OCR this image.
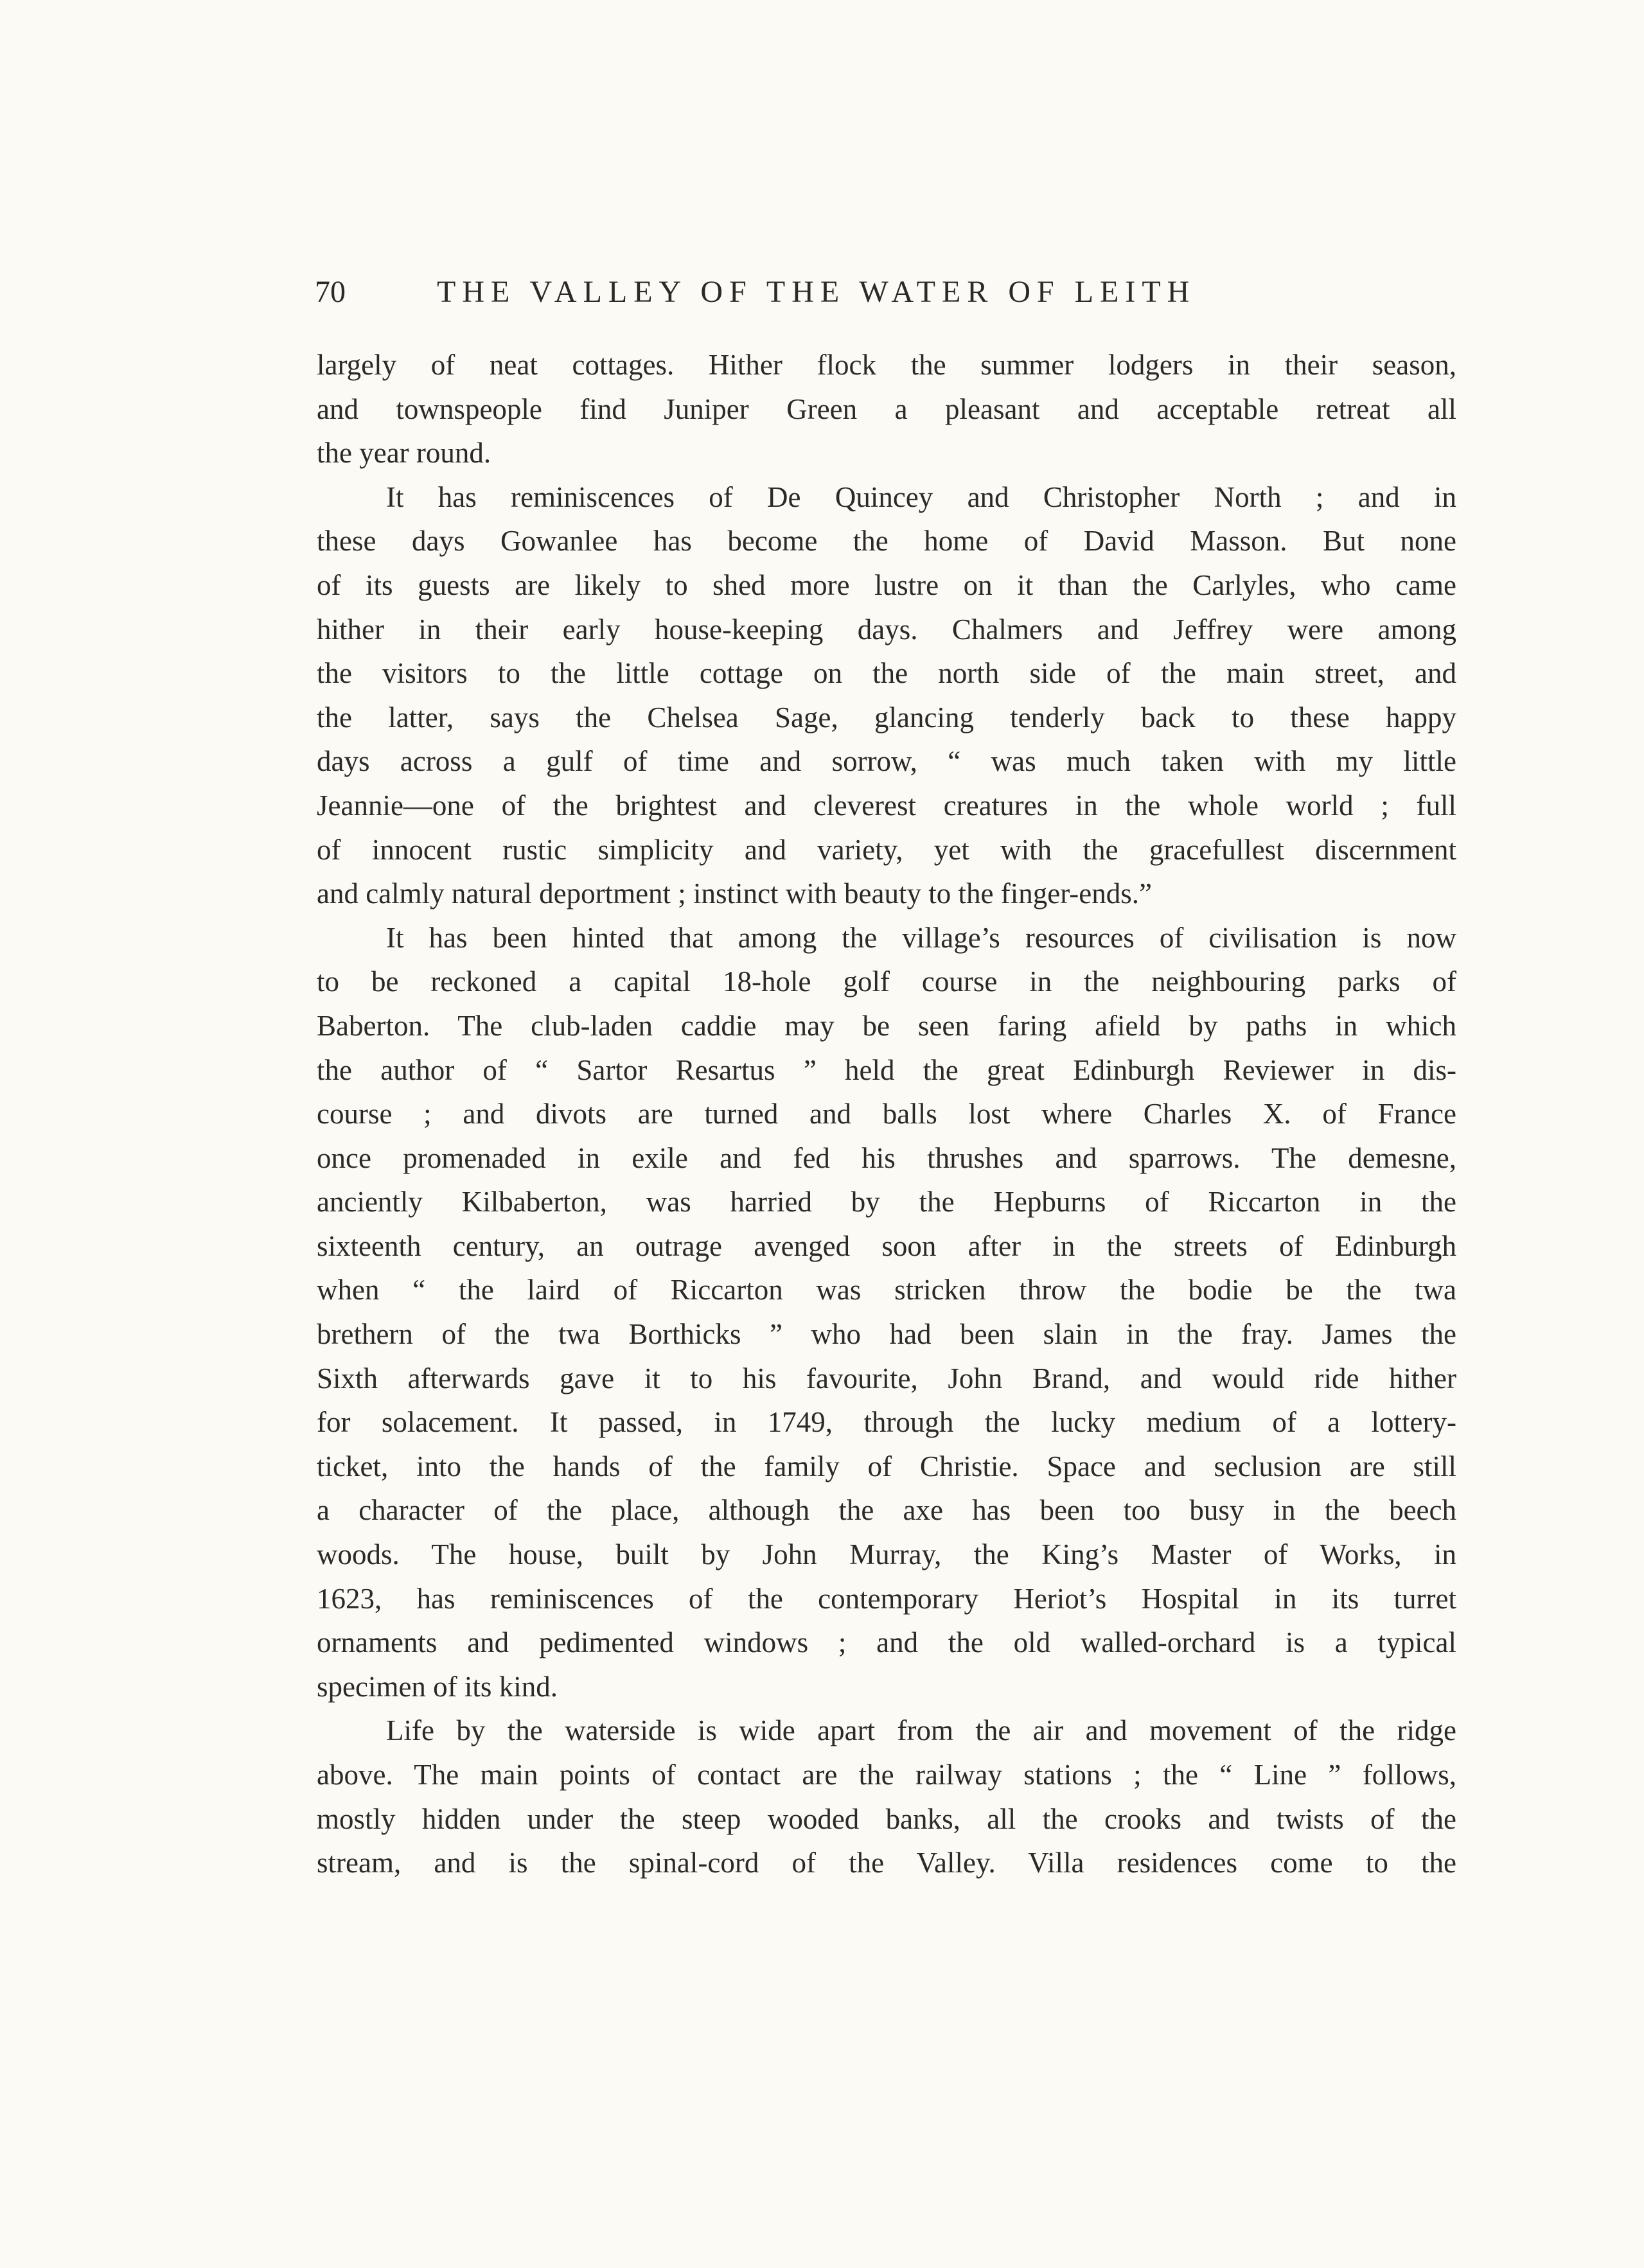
70	THE VALLEY OF THE WATER OF LEITH
largely of neat cottages. Hither flock the summer lodgers in their season,
and townspeople find Juniper Green a pleasant and acceptable retreat all
the year round.
It has reminiscences of De Quincey and Christopher North ; and in
these days Gowanlee has become the home of David Masson. But none
of its guests are likely to shed more lustre on it than the Carlyles, who came
hither in their early house-keeping days. Chalmers and Jeffrey were among
the visitors to the little cottage on the north side of the main street, and
the latter, says the Chelsea Sage, glancing tenderly back to these happy
days across a gulf of time and sorrow, “ was much taken with my little
Jeannie—one of the brightest and cleverest creatures in the whole world ; full
of innocent rustic simplicity and variety, yet with the gracefullest discernment
and calmly natural deportment ; instinct with beauty to the finger-ends.”
It has been hinted that among the village’s resources of civilisation is now
to be reckoned a capital 18-hole golf course in the neighbouring parks of
Baberton. The club-laden caddie may be seen faring afield by paths in which
the author of “ Sartor Resartus ” held the great Edinburgh Reviewer in dis-
course ; and divots are turned and balls lost where Charles X. of France
once promenaded in exile and fed his thrushes and sparrows. The demesne,
anciently Kilbaberton, was harried by the Hepburns of Riccarton in the
sixteenth century, an outrage avenged soon after in the streets of Edinburgh
when “ the laird of Riccarton was stricken throw the bodie be the twa
brethern of the twa Borthicks ” who had been slain in the fray. James the
Sixth afterwards gave it to his favourite, John Brand, and would ride hither
for solacement. It passed, in 1749, through the lucky medium of a lottery-
ticket, into the hands of the family of Christie. Space and seclusion are still
a character of the place, although the axe has been too busy in the beech
woods. The house, built by John Murray, the King’s Master of Works, in
1623, has reminiscences of the contemporary Heriot’s Hospital in its turret
ornaments and pedimented windows ; and the old walled-orchard is a typical
specimen of its kind.
Life by the waterside is wide apart from the air and movement of the ridge
above. The main points of contact are the railway stations ; the “ Line ” follows,
mostly hidden under the steep wooded banks, all the crooks and twists of the
stream, and is the spinal-cord of the Valley. Villa residences come to the
